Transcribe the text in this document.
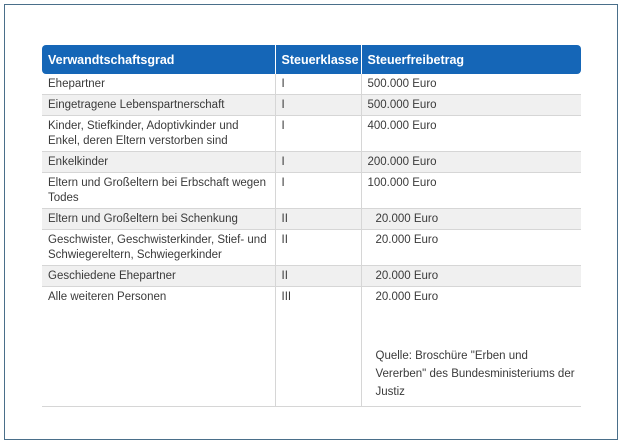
Verwandtschaftsgrad	Steuerklasse	Steuerfreibetrag
Ehepartner	I	500.000 Euro
Eingetragene Lebenspartnerschaft	I	500.000 Euro
Kinder, Stiefkinder, Adoptivkinder und Enkel, deren Eltern verstorben sind	I	400.000 Euro
Enkelkinder	I	200.000 Euro
Eltern und Großeltern bei Erbschaft wegen Todes	I	100.000 Euro
Eltern und Großeltern bei Schenkung	II	20.000 Euro
Geschwister, Geschwisterkinder, Stief- und Schwiegereltern, Schwiegerkinder	II	20.000 Euro
Geschiedene Ehepartner	II	20.000 Euro
Alle weiteren Personen	III	20.000 Euro
Quelle: Broschüre "Erben und Vererben" des Bundesministeriums der Justiz
